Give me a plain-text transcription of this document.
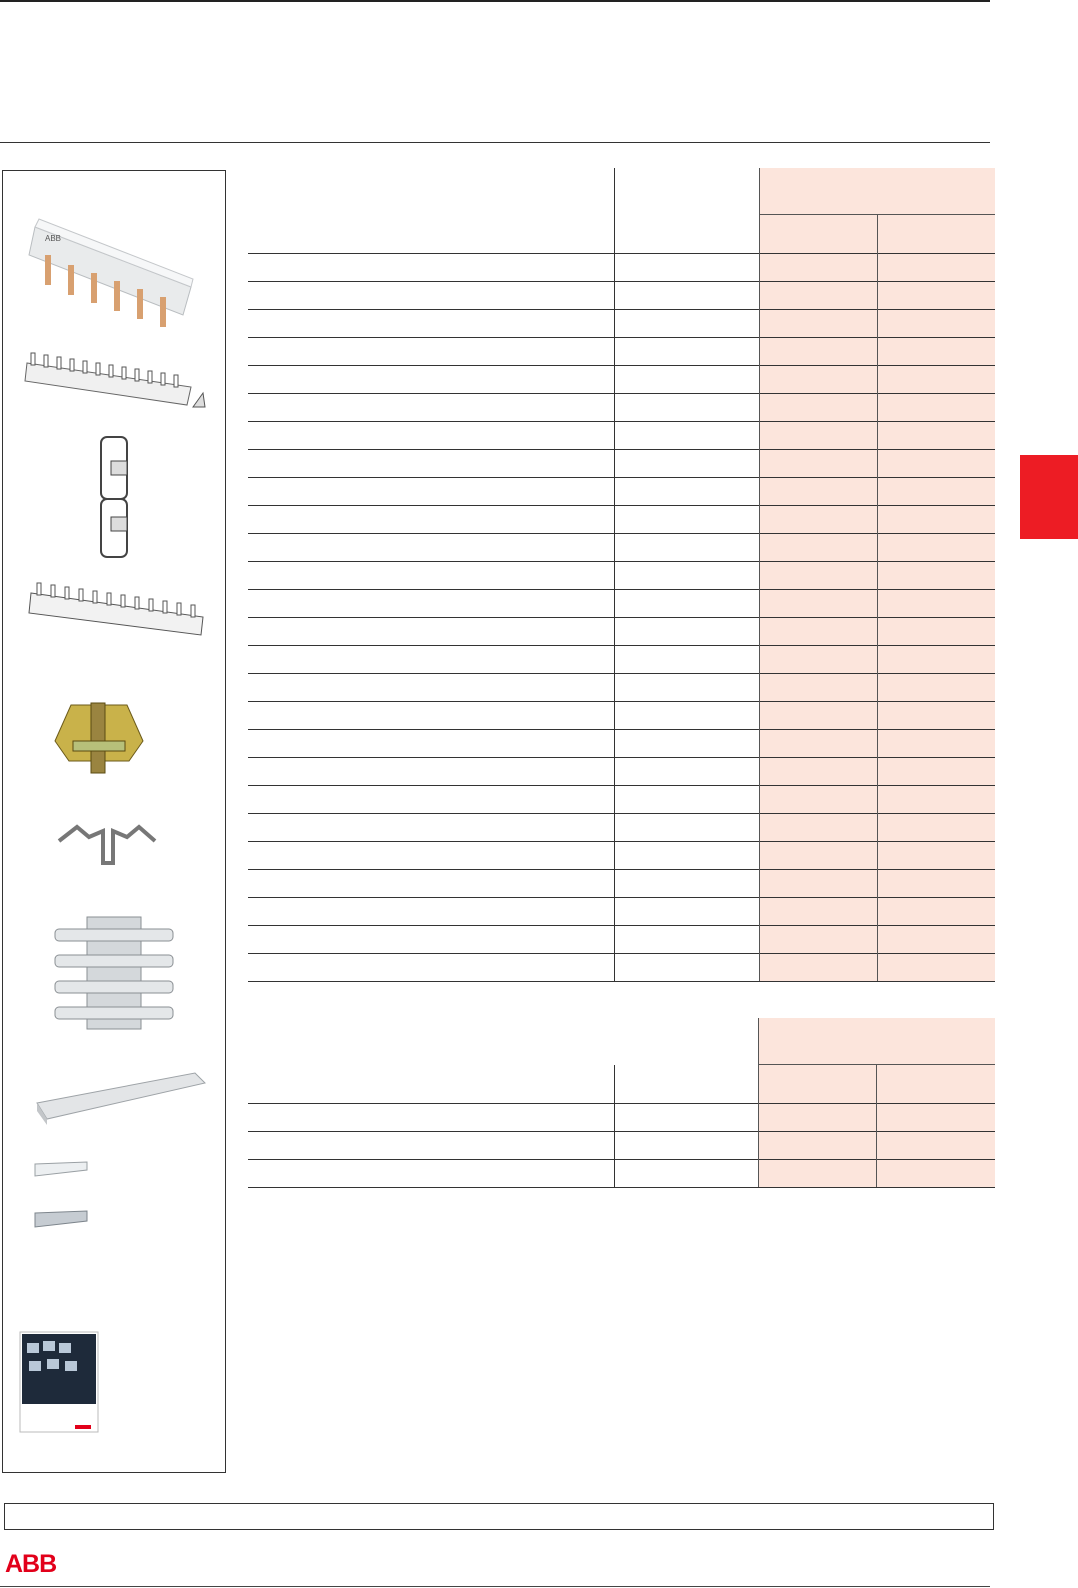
ABB

ABB
